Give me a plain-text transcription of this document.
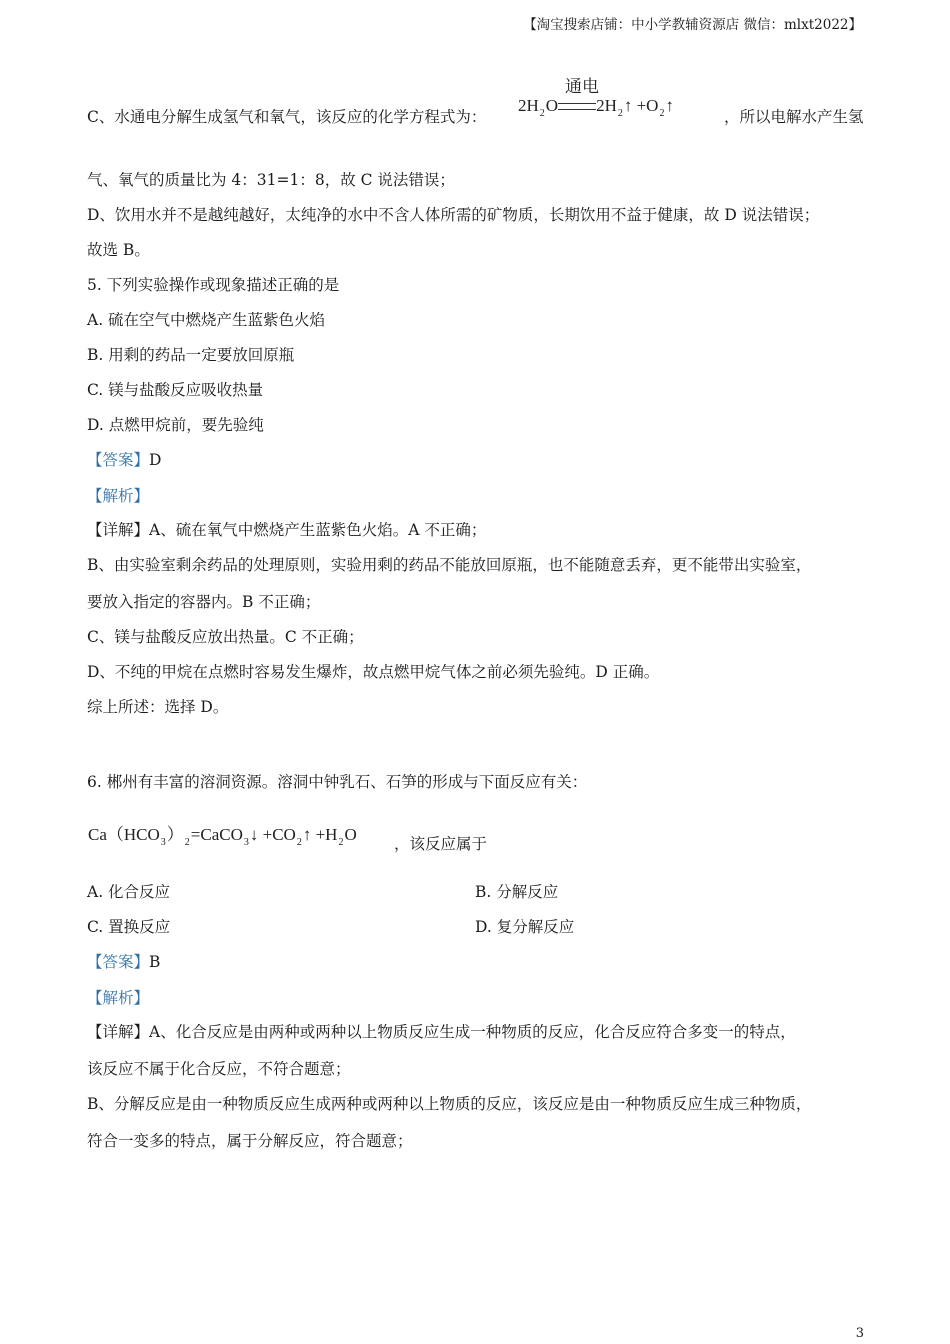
【淘宝搜索店铺：中小学教辅资源店 微信：mlxt2022】
C、水通电分解生成氢气和氧气，该反应的化学方程式为：
通电
$2H_2O$ $2H_2↑$ $+O_2↑$
，所以电解水产生氢
气、氧气的质量比为 4：31=1：8，故 C 说法错误；
D、饮用水并不是越纯越好，太纯净的水中不含人体所需的矿物质，长期饮用不益于健康，故 D 说法错误；
故选 B。
5. 下列实验操作或现象描述正确的是
A. 硫在空气中燃烧产生蓝紫色火焰
B. 用剩的药品一定要放回原瓶
C. 镁与盐酸反应吸收热量
D. 点燃甲烷前，要先验纯
【答案】D
【解析】
【详解】A、硫在氧气中燃烧产生蓝紫色火焰。A 不正确；
B、由实验室剩余药品的处理原则，实验用剩的药品不能放回原瓶，也不能随意丢弃，更不能带出实验室，
要放入指定的容器内。B 不正确；
C、镁与盐酸反应放出热量。C 不正确；
D、不纯的甲烷在点燃时容易发生爆炸，故点燃甲烷气体之前必须先验纯。D 正确。
综上所述：选择 D。
6. 郴州有丰富的溶洞资源。溶洞中钟乳石、石笋的形成与下面反应有关：
$Ca(HCO_3)_2=CaCO_3↓$ $+CO_2↑ +H_2O$ ，该反应属于
A. 化合反应	B. 分解反应
C. 置换反应	D. 复分解反应
【答案】B
【解析】
【详解】A、化合反应是由两种或两种以上物质反应生成一种物质的反应，化合反应符合多变一的特点，
该反应不属于化合反应，不符合题意；
B、分解反应是由一种物质反应生成两种或两种以上物质的反应，该反应是由一种物质反应生成三种物质，
符合一变多的特点，属于分解反应，符合题意；
3
